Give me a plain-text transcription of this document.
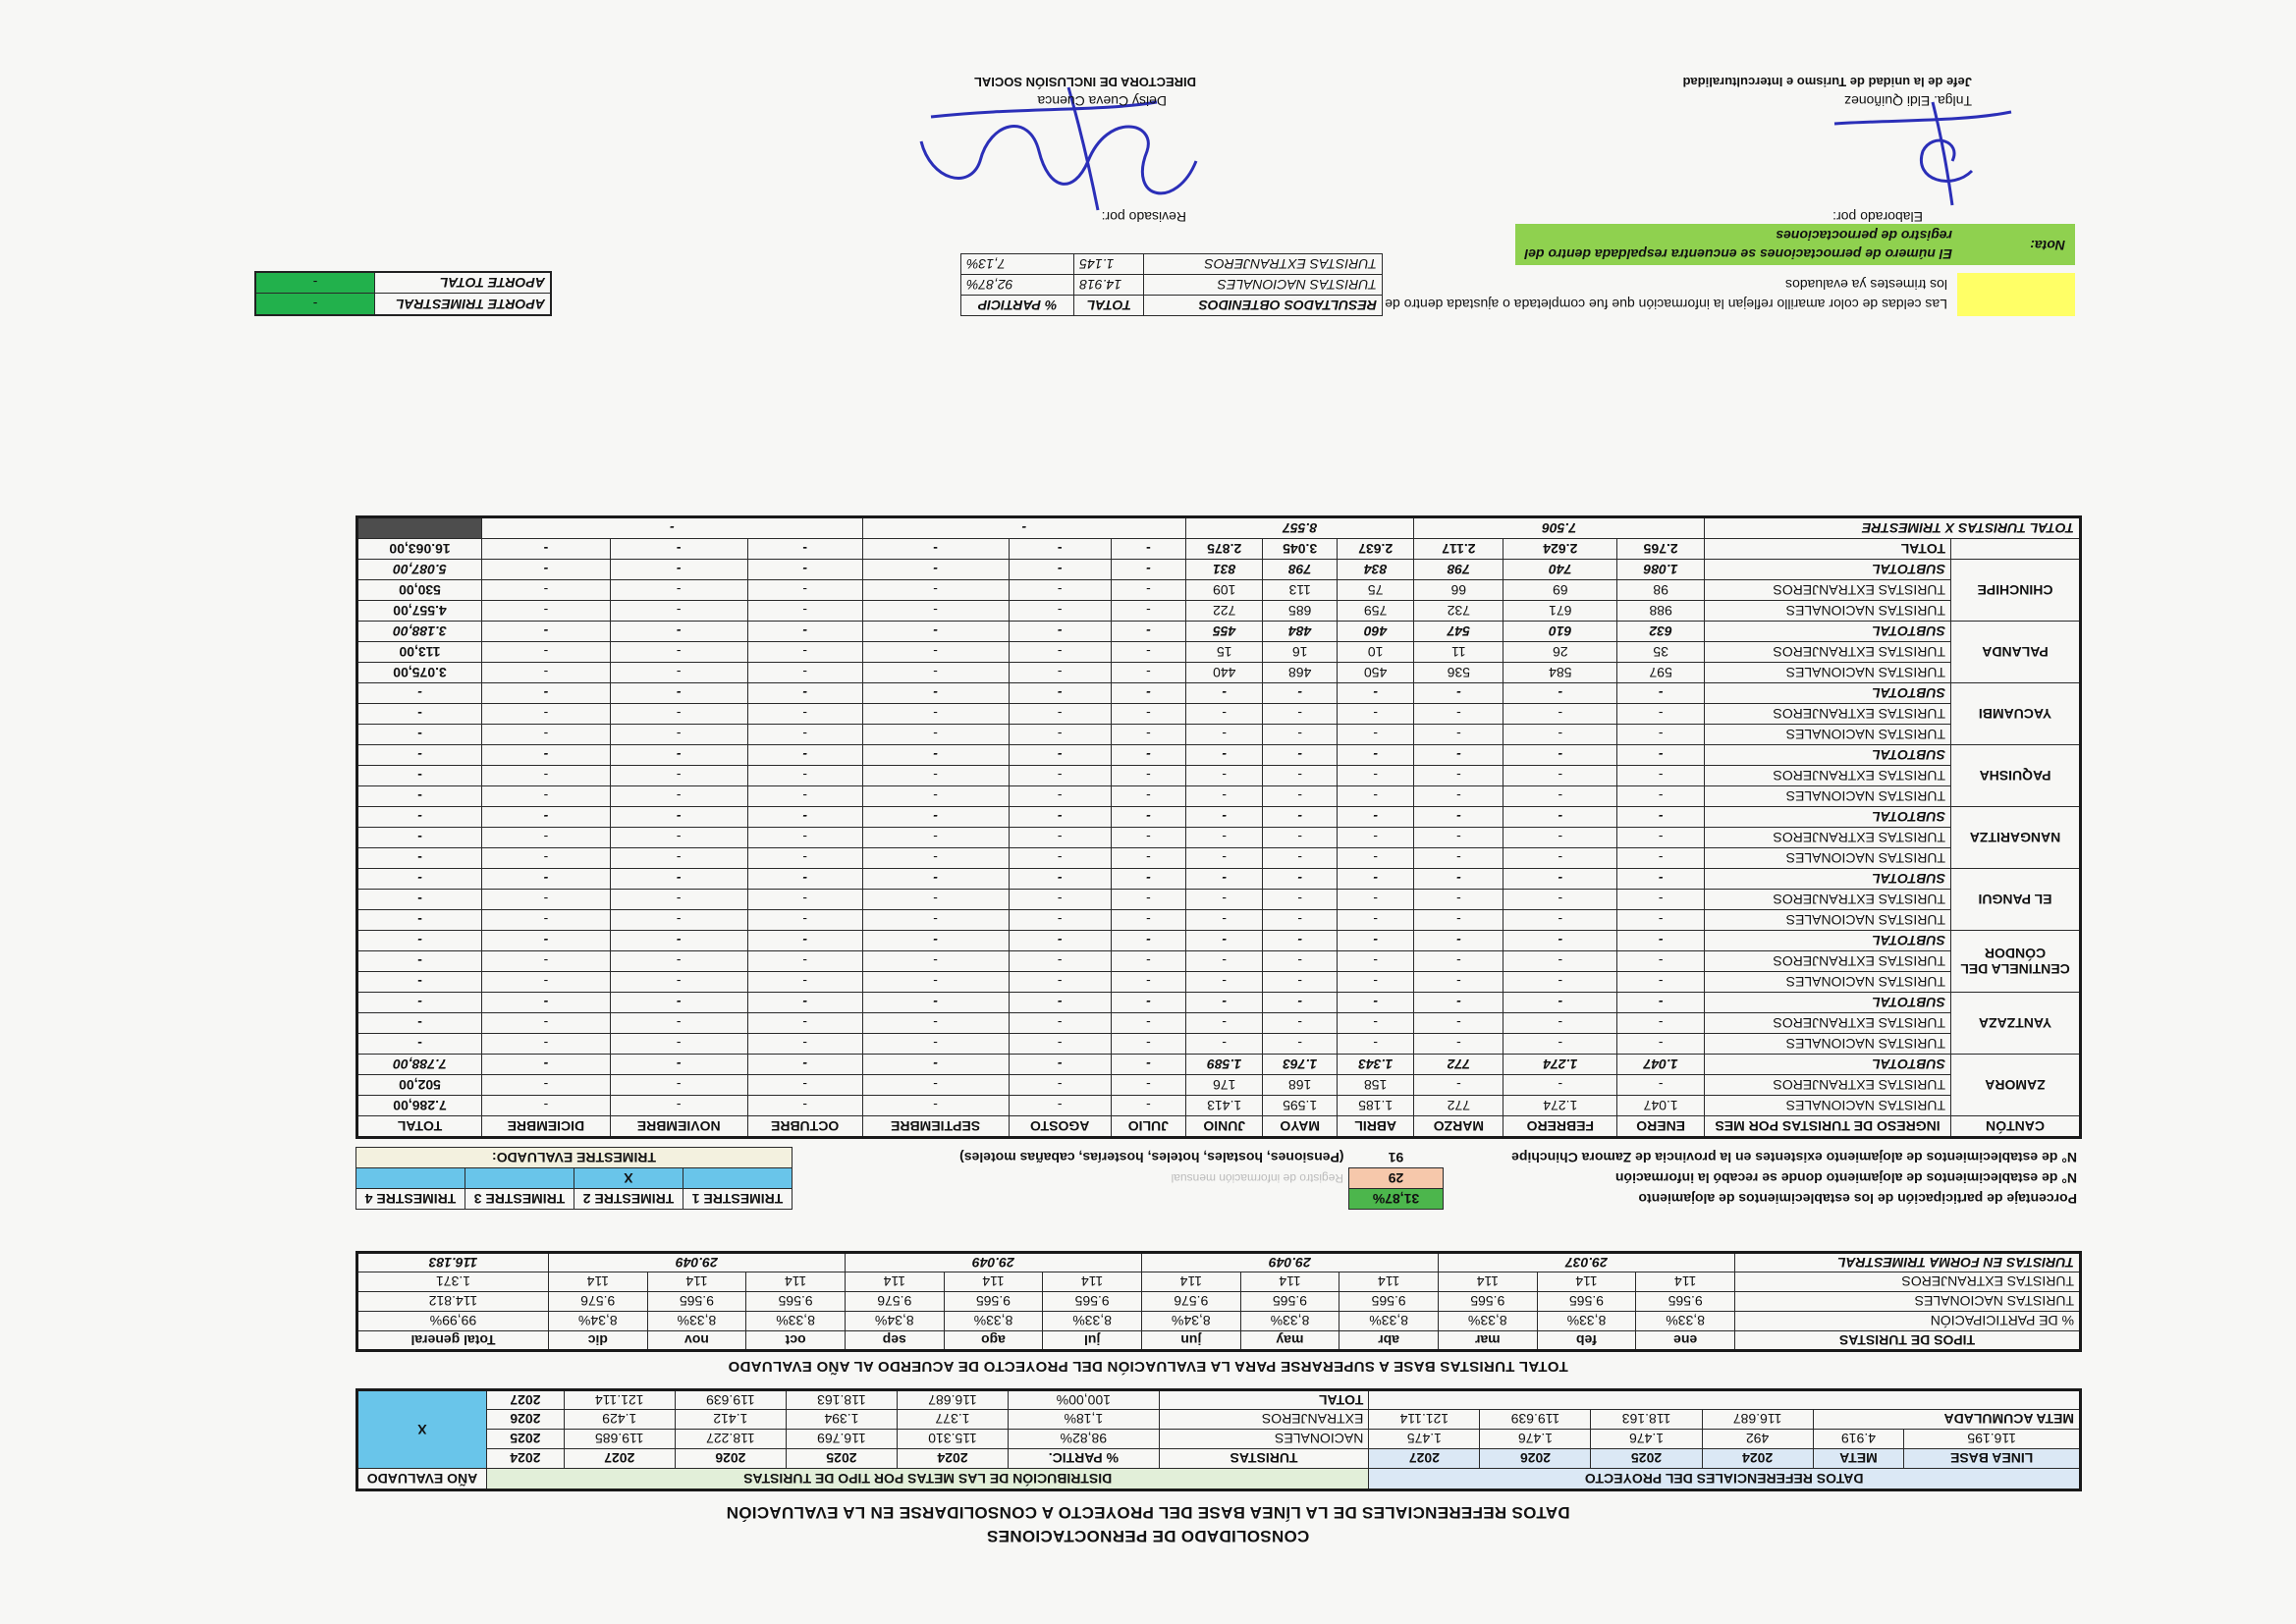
CONSOLIDADO DE PERNOCTACIONES
DATOS REFERENCIALES DE LA LÍNEA BASE DEL PROYECTO A CONSOLIDARSE EN LA EVALUACIÓN
DATOS REFERENCIALES DEL PROYECTO						DISTRIBUCIÓN DE LAS METAS POR TIPO DE TURISTAS							AÑO EVALUADO
LINEA BASE	META	2024	2025	2026	2027	TURISTAS	% PARTIC.	2024	2025	2026	2027	2024	X
116.195	4.919	492	1.476	1.476	1.475	NACIONALES	98,82%	115.310	116.769	118.227	119.685	2025	
META ACUMULADA		116.687	118.163	119.639	121.114	EXTRANJEROS	1,18%	1.377	1.394	1.412	1.429	2026	
						TOTAL	100,00%	116.687	118.163	119.639	121.114	2027	
TOTAL TURISTAS BASE A SUPERARSE PARA LA EVALUACIÓN DEL PROYECTO DE ACUERDO AL AÑO EVALUADO
TIPOS DE TURISTAS	ene	feb	mar	abr	may	jun	jul	ago	sep	oct	nov	dic	Total general
% DE PARTICIPACIÓN	8,33%	8,33%	8,33%	8,33%	8,33%	8,34%	8,33%	8,33%	8,34%	8,33%	8,33%	8,34%	99,99%
TURISTAS NACIONALES	9.565	9.565	9.565	9.565	9.565	9.576	9.565	9.565	9.576	9.565	9.565	9.576	114.812
TURISTAS EXTRANJEROS	114	114	114	114	114	114	114	114	114	114	114	114	1.371
TURISTAS EN FORMA TRIMESTRAL	29.037			29.049			29.049			29.049			116.183
Porcentaje de participación de los establecimientos de alojamiento	31,87%		TRIMESTRE 1	TRIMESTRE 2	TRIMESTRE 3	TRIMESTRE 4
N° de establecimientos de alojamiento donde se recabó la información	29	Registro de información mensual		X		
N° de establecimientos de alojamiento existentes en la provincia de Zamora Chinchipe	91	(Pensiones, hostales, hoteles, hosterías, cabañas moteles)	TRIMESTRE EVALUADO:			
CANTÓN	INGRESO DE TURISTAS POR MES	ENERO	FEBRERO	MARZO	ABRIL	MAYO	JUNIO	JULIO	AGOSTO	SEPTIEMBRE	OCTUBRE	NOVIEMBRE	DICIEMBRE	TOTAL
ZAMORA	TURISTAS NACIONALES	1.047	1.274	772	1.185	1.595	1.413	-	-	-	-	-	-	7.286,00
	TURISTAS EXTRANJEROS	-	-	-	158	168	176	-	-	-	-	-	-	502,00
	SUBTOTAL	1.047	1.274	772	1.343	1.763	1.589	-	-	-	-	-	-	7.788,00
YANTZAZA	TURISTAS NACIONALES	-	-	-	-	-	-	-	-	-	-	-	-	-
	TURISTAS EXTRANJEROS	-	-	-	-	-	-	-	-	-	-	-	-	-
	SUBTOTAL	-	-	-	-	-	-	-	-	-	-	-	-	-
CENTINELA DEL CÓNDOR	TURISTAS NACIONALES	-	-	-	-	-	-	-	-	-	-	-	-	-
	TURISTAS EXTRANJEROS	-	-	-	-	-	-	-	-	-	-	-	-	-
	SUBTOTAL	-	-	-	-	-	-	-	-	-	-	-	-	-
EL PANGUI	TURISTAS NACIONALES	-	-	-	-	-	-	-	-	-	-	-	-	-
	TURISTAS EXTRANJEROS	-	-	-	-	-	-	-	-	-	-	-	-	-
	SUBTOTAL	-	-	-	-	-	-	-	-	-	-	-	-	-
NANGARITZA	TURISTAS NACIONALES	-	-	-	-	-	-	-	-	-	-	-	-	-
	TURISTAS EXTRANJEROS	-	-	-	-	-	-	-	-	-	-	-	-	-
	SUBTOTAL	-	-	-	-	-	-	-	-	-	-	-	-	-
PAQUISHA	TURISTAS NACIONALES	-	-	-	-	-	-	-	-	-	-	-	-	-
	TURISTAS EXTRANJEROS	-	-	-	-	-	-	-	-	-	-	-	-	-
	SUBTOTAL	-	-	-	-	-	-	-	-	-	-	-	-	-
YACUAMBI	TURISTAS NACIONALES	-	-	-	-	-	-	-	-	-	-	-	-	-
	TURISTAS EXTRANJEROS	-	-	-	-	-	-	-	-	-	-	-	-	-
	SUBTOTAL	-	-	-	-	-	-	-	-	-	-	-	-	-
PALANDA	TURISTAS NACIONALES	597	584	536	450	468	440	-	-	-	-	-	-	3.075,00
	TURISTAS EXTRANJEROS	35	26	11	10	16	15	-	-	-	-	-	-	113,00
	SUBTOTAL	632	610	547	460	484	455	-	-	-	-	-	-	3.188,00
CHINCHIPE	TURISTAS NACIONALES	988	671	732	759	685	722	-	-	-	-	-	-	4.557,00
	TURISTAS EXTRANJEROS	98	69	66	75	113	109	-	-	-	-	-	-	530,00
	SUBTOTAL	1.086	740	798	834	798	831	-	-	-	-	-	-	5.087,00
	TOTAL	2.765	2.624	2.117	2.637	3.045	2.875	-	-	-	-	-	-	16.063,00
TOTAL TURISTAS X TRIMESTRE		7.506			8.557			-			-			
APORTE TRIMESTRAL	-
APORTE TOTAL	-
Las celdas de color amarillo reflejan la información que fue completada o ajustada dentro de los trimestes ya evaluados
Nota:
El número de pernoctaciones se encuentra respaldada dentro del registro de pernoctaciones
RESULTADOS OBTENIDOS	TOTAL	% PARTICIP
TURISTAS NACIONALES	14.918	92,87%
TURISTAS EXTRANJEROS	1.145	7,13%
Elaborado por:
Tnlga. Eldi Quiñonez
Jefe de la unidad de Turismo e Interculturalidad
Revisado por:
Deisy Cueva Cuenca
DIRECTORA DE INCLUSIÓN SOCIAL
